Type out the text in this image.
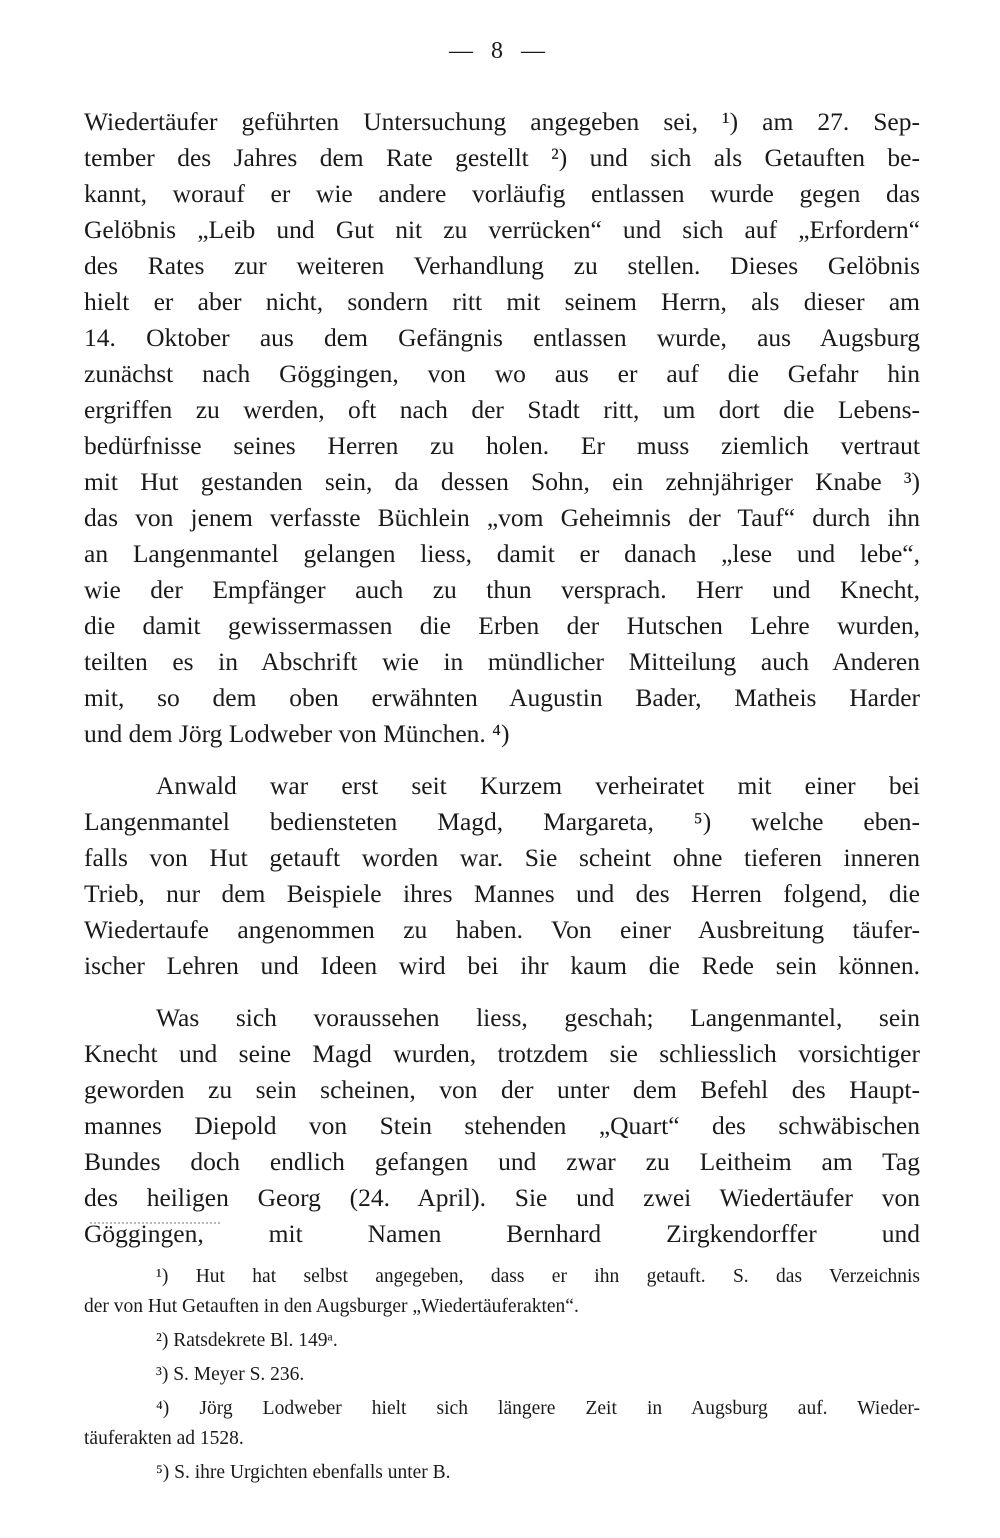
— 8 —
Wiedertäufer geführten Untersuchung angegeben sei, ¹) am 27. Sep-
tember des Jahres dem Rate gestellt ²) und sich als Getauften be-
kannt, worauf er wie andere vorläufig entlassen wurde gegen das
Gelöbnis „Leib und Gut nit zu verrücken“ und sich auf „Erfordern“
des Rates zur weiteren Verhandlung zu stellen. Dieses Gelöbnis
hielt er aber nicht, sondern ritt mit seinem Herrn, als dieser am
14. Oktober aus dem Gefängnis entlassen wurde, aus Augsburg
zunächst nach Göggingen, von wo aus er auf die Gefahr hin
ergriffen zu werden, oft nach der Stadt ritt, um dort die Lebens-
bedürfnisse seines Herren zu holen. Er muss ziemlich vertraut
mit Hut gestanden sein, da dessen Sohn, ein zehnjähriger Knabe ³)
das von jenem verfasste Büchlein „vom Geheimnis der Tauf“ durch ihn
an Langenmantel gelangen liess, damit er danach „lese und lebe“,
wie der Empfänger auch zu thun versprach. Herr und Knecht,
die damit gewissermassen die Erben der Hutschen Lehre wurden,
teilten es in Abschrift wie in mündlicher Mitteilung auch Anderen
mit, so dem oben erwähnten Augustin Bader, Matheis Harder
und dem Jörg Lodweber von München. ⁴)
Anwald war erst seit Kurzem verheiratet mit einer bei
Langenmantel bediensteten Magd, Margareta, ⁵) welche eben-
falls von Hut getauft worden war. Sie scheint ohne tieferen inneren
Trieb, nur dem Beispiele ihres Mannes und des Herren folgend, die
Wiedertaufe angenommen zu haben. Von einer Ausbreitung täufer-
ischer Lehren und Ideen wird bei ihr kaum die Rede sein können.
Was sich voraussehen liess, geschah; Langenmantel, sein
Knecht und seine Magd wurden, trotzdem sie schliesslich vorsichtiger
geworden zu sein scheinen, von der unter dem Befehl des Haupt-
mannes Diepold von Stein stehenden „Quart“ des schwäbischen
Bundes doch endlich gefangen und zwar zu Leitheim am Tag
des heiligen Georg (24. April). Sie und zwei Wiedertäufer von
Göggingen, mit Namen Bernhard Zirgkendorffer und
¹) Hut hat selbst angegeben, dass er ihn getauft. S. das Verzeichnis
der von Hut Getauften in den Augsburger „Wiedertäuferakten“.
²) Ratsdekrete Bl. 149ᵃ.
³) S. Meyer S. 236.
⁴) Jörg Lodweber hielt sich längere Zeit in Augsburg auf. Wieder-
täuferakten ad 1528.
⁵) S. ihre Urgichten ebenfalls unter B.
